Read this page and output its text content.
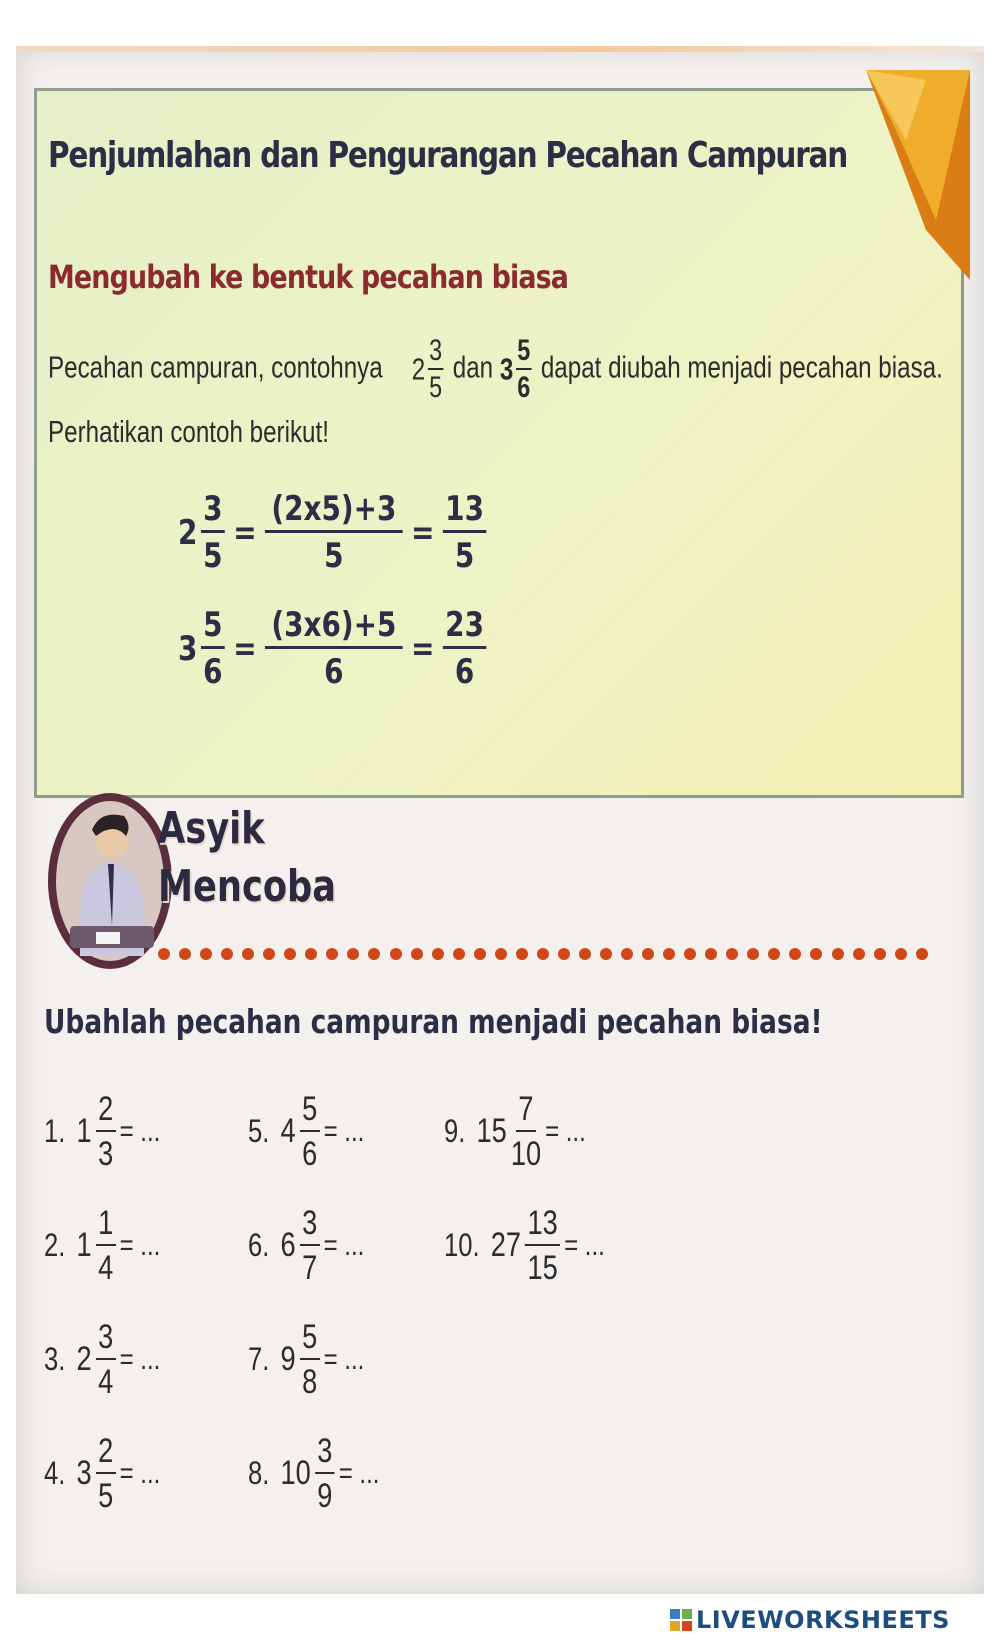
Penjumlahan dan Pengurangan Pecahan Campuran
Mengubah ke bentuk pecahan biasa
Pecahan campuran, contohnya $2 \frac{3}{5}$ dan $3 \frac{5}{6}$ dapat diubah menjadi pecahan biasa.
Perhatikan contoh berikut!
$2 \frac{3}{5} = \frac{(2x5)+3}{5} = \frac{13}{5}$
$3 \frac{5}{6} = \frac{(3x6)+5}{6} = \frac{23}{6}$
Asyik
Mencoba
Ubahlah pecahan campuran menjadi pecahan biasa!
1. $1 \frac{2}{3}$ = ...
2. $1 \frac{1}{4}$ = ...
3. $2 \frac{3}{4}$ = ...
4. $3 \frac{2}{5}$ = ...
5. $4 \frac{5}{6}$ = ...
6. $6 \frac{3}{7}$ = ...
7. $9 \frac{5}{8}$ = ...
8. $10 \frac{3}{9}$ = ...
9. $15 \frac{7}{10}$ = ...
10. $27 \frac{13}{15}$ = ...
LIVEWORKSHEETS
